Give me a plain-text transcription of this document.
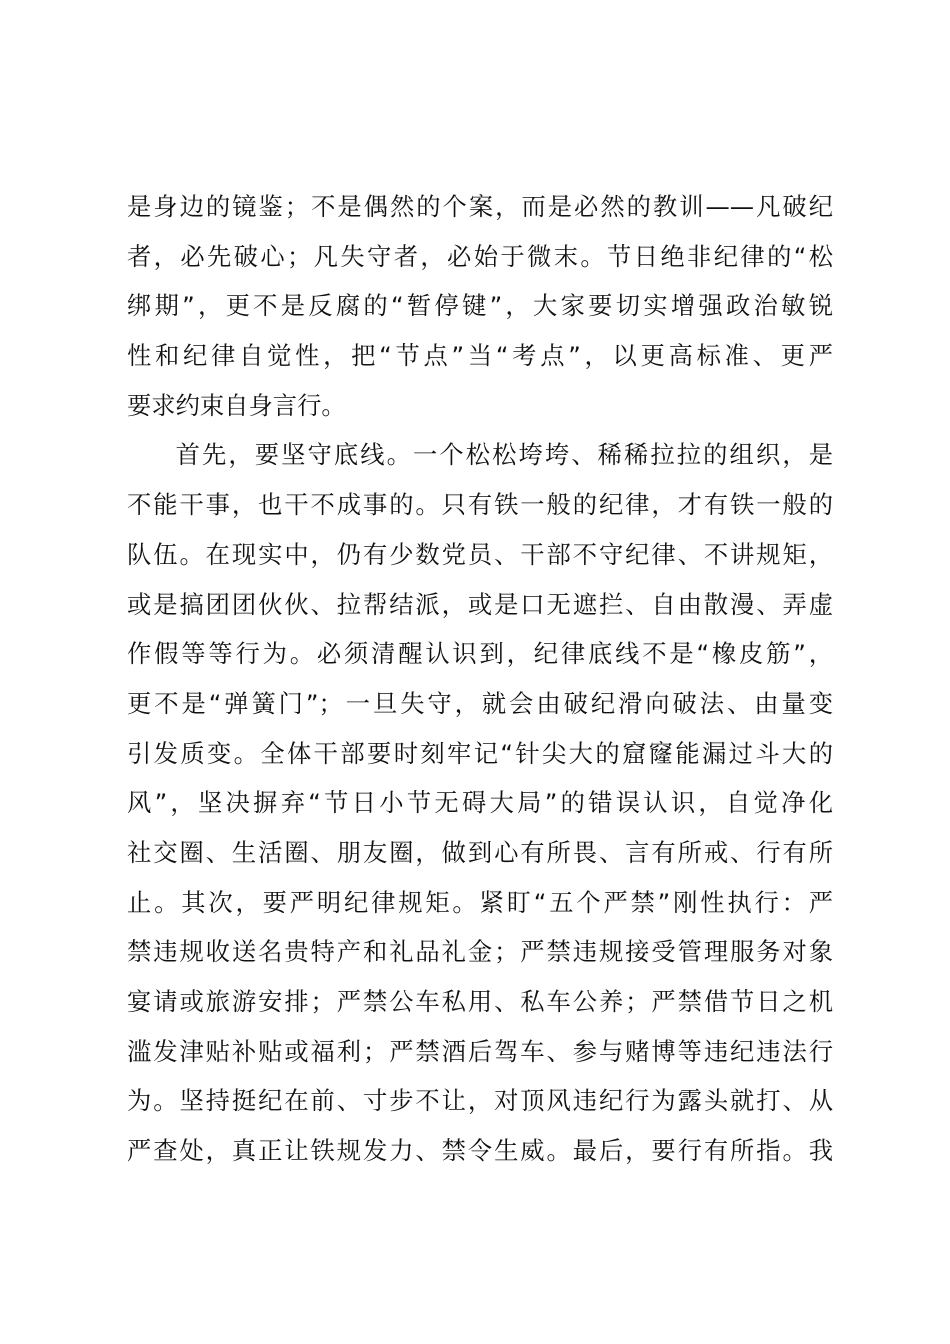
是身边的镜鉴；不是偶然的个案，而是必然的教训——凡破纪
者，必先破心；凡失守者，必始于微末。节日绝非纪律的“松
绑期”，更不是反腐的“暂停键”，大家要切实增强政治敏锐
性和纪律自觉性，把“节点”当“考点”，以更高标准、更严
要求约束自身言行。
首先，要坚守底线。一个松松垮垮、稀稀拉拉的组织，是
不能干事，也干不成事的。只有铁一般的纪律，才有铁一般的
队伍。在现实中，仍有少数党员、干部不守纪律、不讲规矩，
或是搞团团伙伙、拉帮结派，或是口无遮拦、自由散漫、弄虚
作假等等行为。必须清醒认识到，纪律底线不是“橡皮筋”，
更不是“弹簧门”；一旦失守，就会由破纪滑向破法、由量变
引发质变。全体干部要时刻牢记“针尖大的窟窿能漏过斗大的
风”，坚决摒弃“节日小节无碍大局”的错误认识，自觉净化
社交圈、生活圈、朋友圈，做到心有所畏、言有所戒、行有所
止。其次，要严明纪律规矩。紧盯“五个严禁”刚性执行：严
禁违规收送名贵特产和礼品礼金；严禁违规接受管理服务对象
宴请或旅游安排；严禁公车私用、私车公养；严禁借节日之机
滥发津贴补贴或福利；严禁酒后驾车、参与赌博等违纪违法行
为。坚持挺纪在前、寸步不让，对顶风违纪行为露头就打、从
严查处，真正让铁规发力、禁令生威。最后，要行有所指。我
